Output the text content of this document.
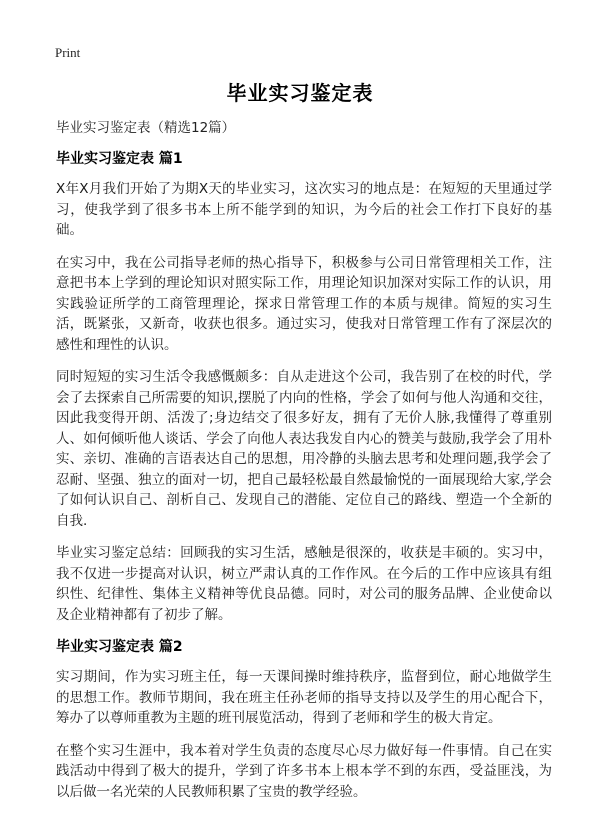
Print
毕业实习鉴定表

毕业实习鉴定表（精选12篇）

毕业实习鉴定表 篇1

X年X月我们开始了为期X天的毕业实习，这次实习的地点是：在短短的天里通过学习，使我学到了很多书本上所不能学到的知识，为今后的社会工作打下良好的基础。

在实习中，我在公司指导老师的热心指导下，积极参与公司日常管理相关工作，注意把书本上学到的理论知识对照实际工作，用理论知识加深对实际工作的认识，用实践验证所学的工商管理理论，探求日常管理工作的本质与规律。简短的实习生活，既紧张，又新奇，收获也很多。通过实习，使我对日常管理工作有了深层次的感性和理性的认识。

同时短短的实习生活令我感慨颇多：自从走进这个公司，我告别了在校的时代，学会了去探索自己所需要的知识,摆脱了内向的性格，学会了如何与他人沟通和交往，因此我变得开朗、活泼了;身边结交了很多好友，拥有了无价人脉,我懂得了尊重别人、如何倾听他人谈话、学会了向他人表达我发自内心的赞美与鼓励,我学会了用朴实、亲切、准确的言语表达自己的思想，用冷静的头脑去思考和处理问题,我学会了忍耐、坚强、独立的面对一切，把自己最轻松最自然最愉悦的一面展现给大家,学会了如何认识自己、剖析自己、发现自己的潜能、定位自己的路线、塑造一个全新的自我.

毕业实习鉴定总结：回顾我的实习生活，感触是很深的，收获是丰硕的。实习中，我不仅进一步提高对认识，树立严肃认真的工作作风。在今后的工作中应该具有组织性、纪律性、集体主义精神等优良品德。同时，对公司的服务品牌、企业使命以及企业精神都有了初步了解。

毕业实习鉴定表 篇2

实习期间，作为实习班主任，每一天课间操时维持秩序，监督到位，耐心地做学生的思想工作。教师节期间，我在班主任孙老师的指导支持以及学生的用心配合下，筹办了以尊师重教为主题的班刊展览活动，得到了老师和学生的极大肯定。

在整个实习生涯中，我本着对学生负责的态度尽心尽力做好每一件事情。自己在实践活动中得到了极大的提升，学到了许多书本上根本学不到的东西，受益匪浅，为以后做一名光荣的人民教师积累了宝贵的教学经验。
